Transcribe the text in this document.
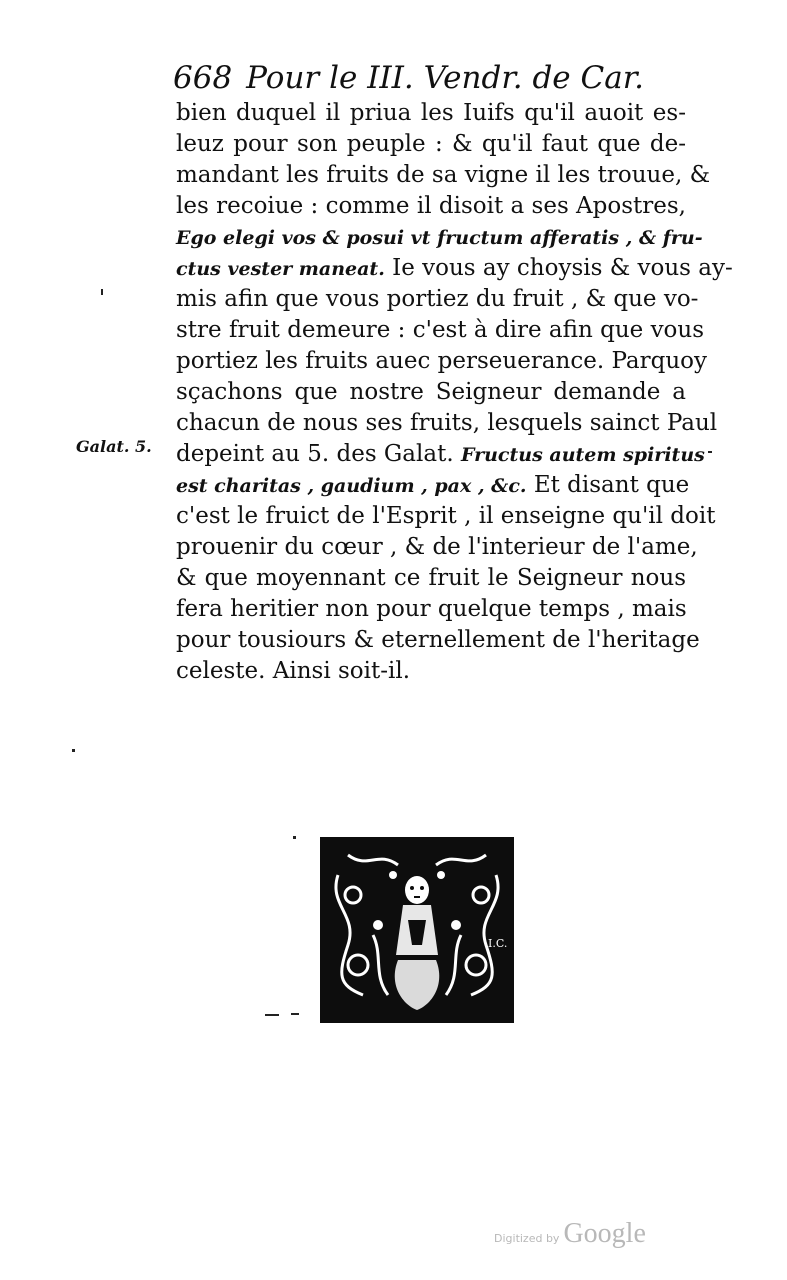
668 Pour le III. Vendr. de Car.
bien duquel il priua les Iuifs qu'il auoit es-
leuz pour son peuple : & qu'il faut que de-
mandant les fruits de sa vigne il les trouue, &
les recoiue : comme il disoit a ses Apostres,
Ego elegi vos & posui vt fructum afferatis , & fru-
ctus vester maneat. Ie vous ay choysis & vous ay-
mis afin que vous portiez du fruit , & que vo-
stre fruit demeure : c'est à dire afin que vous
portiez les fruits auec perseuerance. Parquoy
sçachons que nostre Seigneur demande a
chacun de nous ses fruits, lesquels sainct Paul
depeint au 5. des Galat. Fructus autem spiritus
est charitas , gaudium , pax , &c. Et disant que
c'est le fruict de l'Esprit , il enseigne qu'il doit
prouenir du cœur , & de l'interieur de l'ame,
& que moyennant ce fruit le Seigneur nous
fera heritier non pour quelque temps , mais
pour tousiours & eternellement de l'heritage
celeste. Ainsi soit-il.
Galat. 5.
I.C.
Digitized by Google
